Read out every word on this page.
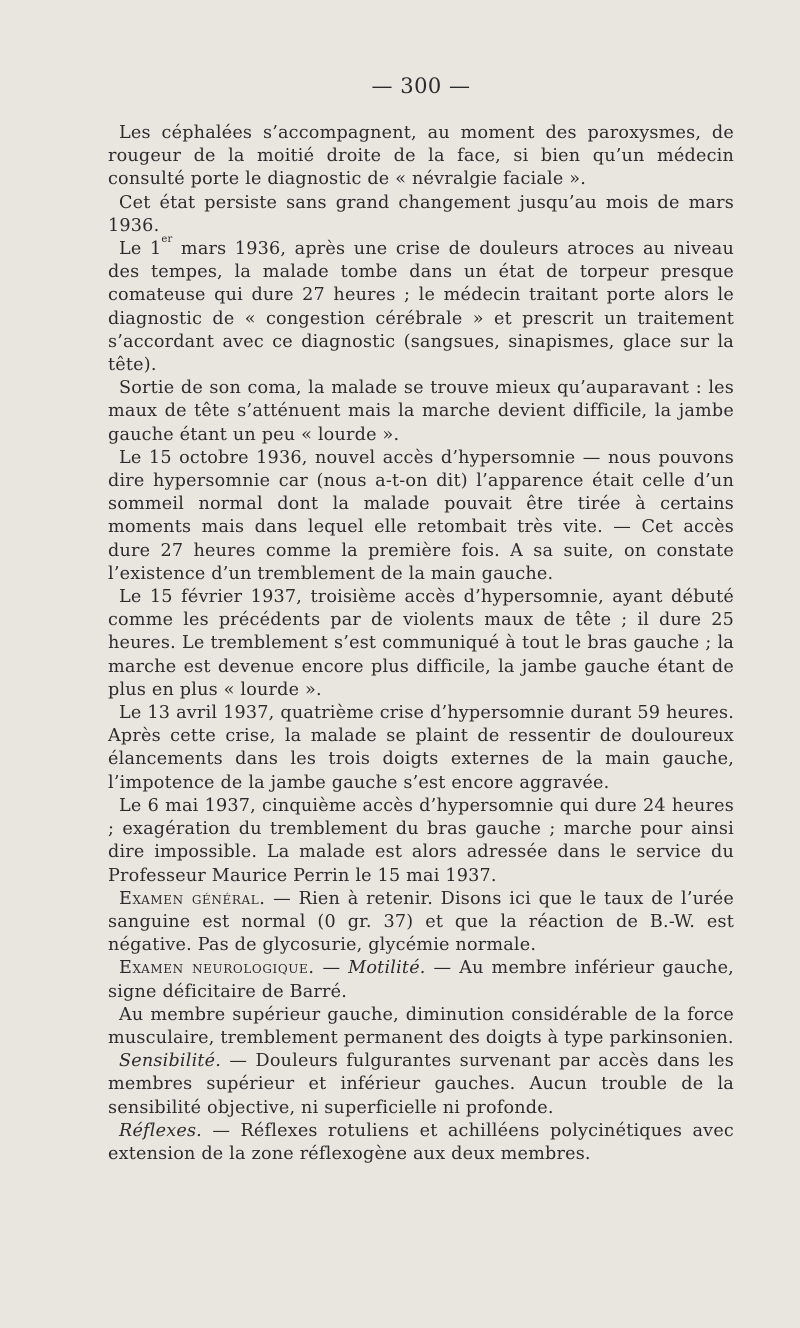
— 300 —

Les céphalées s’accompagnent, au moment des paroxysmes, de rougeur de la moitié droite de la face, si bien qu’un médecin consulté porte le diagnostic de « névralgie faciale ».

Cet état persiste sans grand changement jusqu’au mois de mars 1936.

Le 1er mars 1936, après une crise de douleurs atroces au niveau des tempes, la malade tombe dans un état de torpeur presque comateuse qui dure 27 heures ; le médecin traitant porte alors le diagnostic de « congestion cérébrale » et prescrit un traitement s’accordant avec ce diagnostic (sangsues, sinapismes, glace sur la tête).

Sortie de son coma, la malade se trouve mieux qu’auparavant : les maux de tête s’atténuent mais la marche devient difficile, la jambe gauche étant un peu « lourde ».

Le 15 octobre 1936, nouvel accès d’hypersomnie — nous pouvons dire hypersomnie car (nous a-t-on dit) l’apparence était celle d’un sommeil normal dont la malade pouvait être tirée à certains moments mais dans lequel elle retombait très vite. — Cet accès dure 27 heures comme la première fois. A sa suite, on constate l’existence d’un tremblement de la main gauche.

Le 15 février 1937, troisième accès d’hypersomnie, ayant débuté comme les précédents par de violents maux de tête ; il dure 25 heures. Le tremblement s’est communiqué à tout le bras gauche ; la marche est devenue encore plus difficile, la jambe gauche étant de plus en plus « lourde ».

Le 13 avril 1937, quatrième crise d’hypersomnie durant 59 heures. Après cette crise, la malade se plaint de ressentir de douloureux élancements dans les trois doigts externes de la main gauche, l’impotence de la jambe gauche s’est encore aggravée.

Le 6 mai 1937, cinquième accès d’hypersomnie qui dure 24 heures ; exagération du tremblement du bras gauche ; marche pour ainsi dire impossible. La malade est alors adressée dans le service du Professeur Maurice Perrin le 15 mai 1937.

Examen général. — Rien à retenir. Disons ici que le taux de l’urée sanguine est normal (0 gr. 37) et que la réaction de B.-W. est négative. Pas de glycosurie, glycémie normale.

Examen neurologique. — Motilité. — Au membre inférieur gauche, signe déficitaire de Barré.

Au membre supérieur gauche, diminution considérable de la force musculaire, tremblement permanent des doigts à type parkinsonien.

Sensibilité. — Douleurs fulgurantes survenant par accès dans les membres supérieur et inférieur gauches. Aucun trouble de la sensibilité objective, ni superficielle ni profonde.

Réflexes. — Réflexes rotuliens et achilléens polycinétiques avec extension de la zone réflexogène aux deux membres.
